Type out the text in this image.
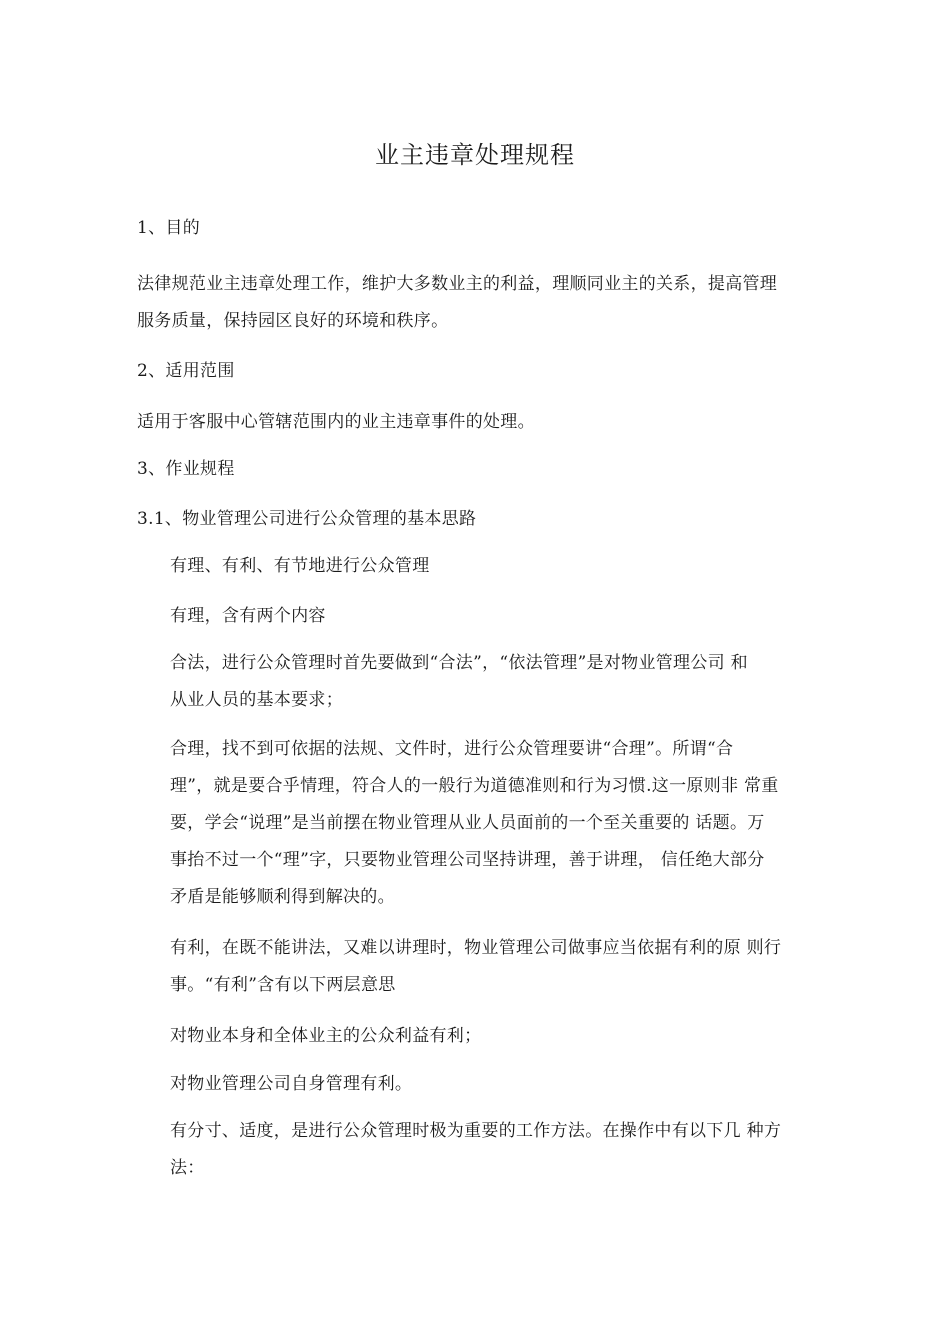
业主违章处理规程

1、目的

法律规范业主违章处理工作，维护大多数业主的利益，理顺同业主的关系，提高管理
服务质量，保持园区良好的环境和秩序。

2、适用范围

适用于客服中心管辖范围内的业主违章事件的处理。

3、作业规程

3.1、物业管理公司进行公众管理的基本思路

有理、有利、有节地进行公众管理

有理，含有两个内容

合法，进行公众管理时首先要做到“合法”，“依法管理”是对物业管理公司 和
从业人员的基本要求；

合理，找不到可依据的法规、文件时，进行公众管理要讲“合理”。所谓“合
理”，就是要合乎情理，符合人的一般行为道德准则和行为习惯.这一原则非 常重
要，学会“说理”是当前摆在物业管理从业人员面前的一个至关重要的 话题。万
事抬不过一个“理”字，只要物业管理公司坚持讲理，善于讲理， 信任绝大部分
矛盾是能够顺利得到解决的。

有利，在既不能讲法，又难以讲理时，物业管理公司做事应当依据有利的原 则行
事。“有利”含有以下两层意思

对物业本身和全体业主的公众利益有利；

对物业管理公司自身管理有利。

有分寸、适度，是进行公众管理时极为重要的工作方法。在操作中有以下几 种方
法：
